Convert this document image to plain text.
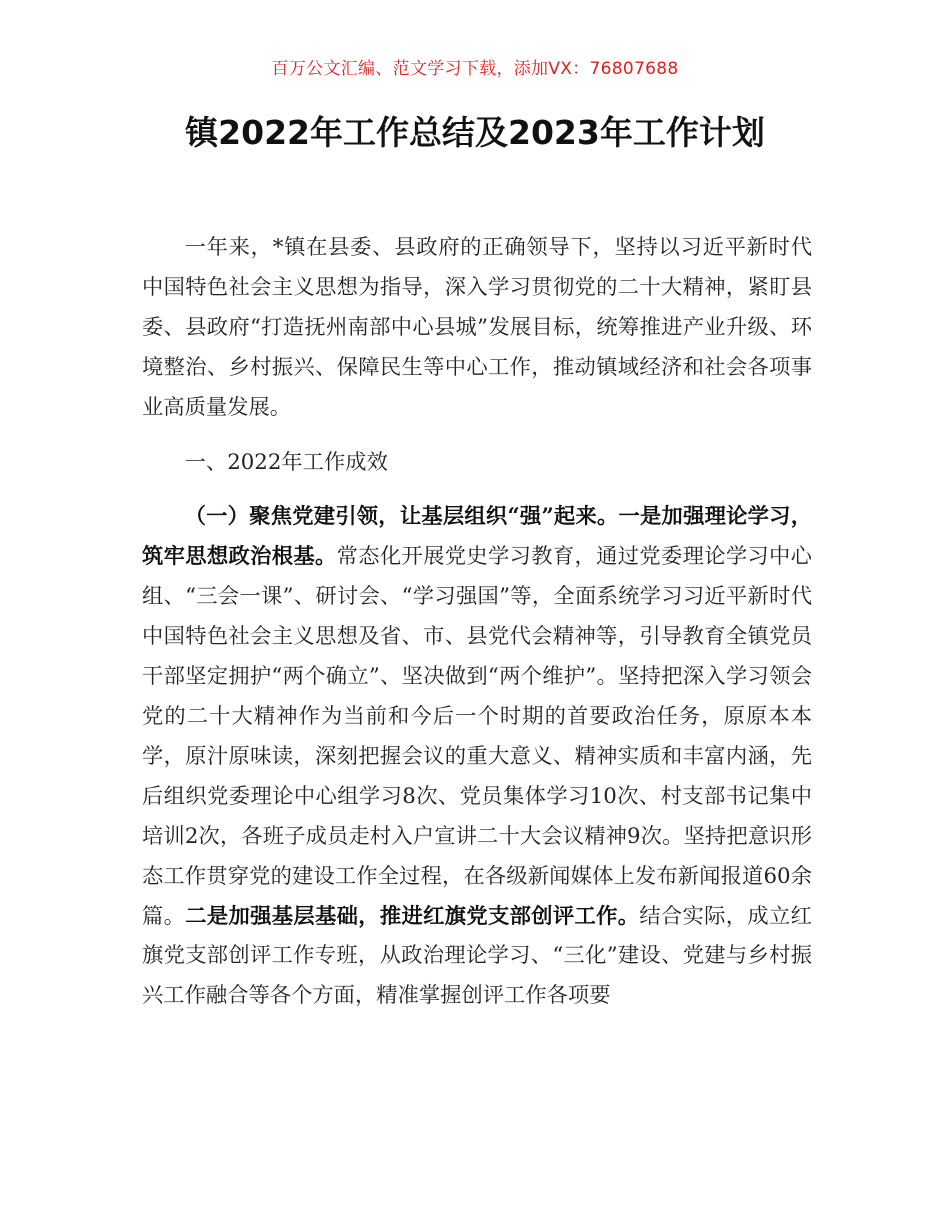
百万公文汇编、范文学习下载，添加VX：76807688
镇2022年工作总结及2023年工作计划

一年来，*镇在县委、县政府的正确领导下，坚持以习近平新时代中国特色社会主义思想为指导，深入学习贯彻党的二十大精神，紧盯县委、县政府“打造抚州南部中心县城”发展目标，统筹推进产业升级、环境整治、乡村振兴、保障民生等中心工作，推动镇域经济和社会各项事业高质量发展。

一、2022年工作成效

（一）聚焦党建引领，让基层组织“强”起来。一是加强理论学习，筑牢思想政治根基。常态化开展党史学习教育，通过党委理论学习中心组、“三会一课”、研讨会、“学习强国”等，全面系统学习习近平新时代中国特色社会主义思想及省、市、县党代会精神等，引导教育全镇党员干部坚定拥护“两个确立”、坚决做到“两个维护”。坚持把深入学习领会党的二十大精神作为当前和今后一个时期的首要政治任务，原原本本学，原汁原味读，深刻把握会议的重大意义、精神实质和丰富内涵，先后组织党委理论中心组学习8次、党员集体学习10次、村支部书记集中培训2次，各班子成员走村入户宣讲二十大会议精神9次。坚持把意识形态工作贯穿党的建设工作全过程，在各级新闻媒体上发布新闻报道60余篇。二是加强基层基础，推进红旗党支部创评工作。结合实际，成立红旗党支部创评工作专班，从政治理论学习、“三化”建设、党建与乡村振兴工作融合等各个方面，精准掌握创评工作各项要
